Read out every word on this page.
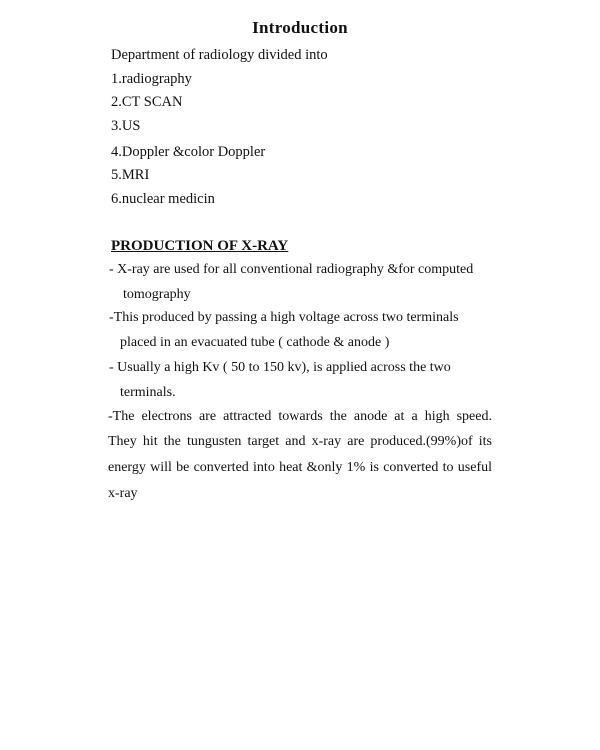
Introduction
Department of radiology divided into
1.radiography
2.CT SCAN
3.US
4.Doppler &color Doppler
5.MRI
6.nuclear medicin
PRODUCTION OF X-RAY
- X-ray are used for all conventional radiography &for computed
tomography
-This produced by passing a high voltage across two terminals
placed in an evacuated tube ( cathode & anode )
- Usually a high Kv ( 50 to 150 kv), is applied across the two
terminals.
-The electrons are attracted towards the anode at a high speed.
They hit the tungusten target and x-ray are produced.(99%)of its
energy will be converted into heat &only 1% is converted to useful
x-ray
